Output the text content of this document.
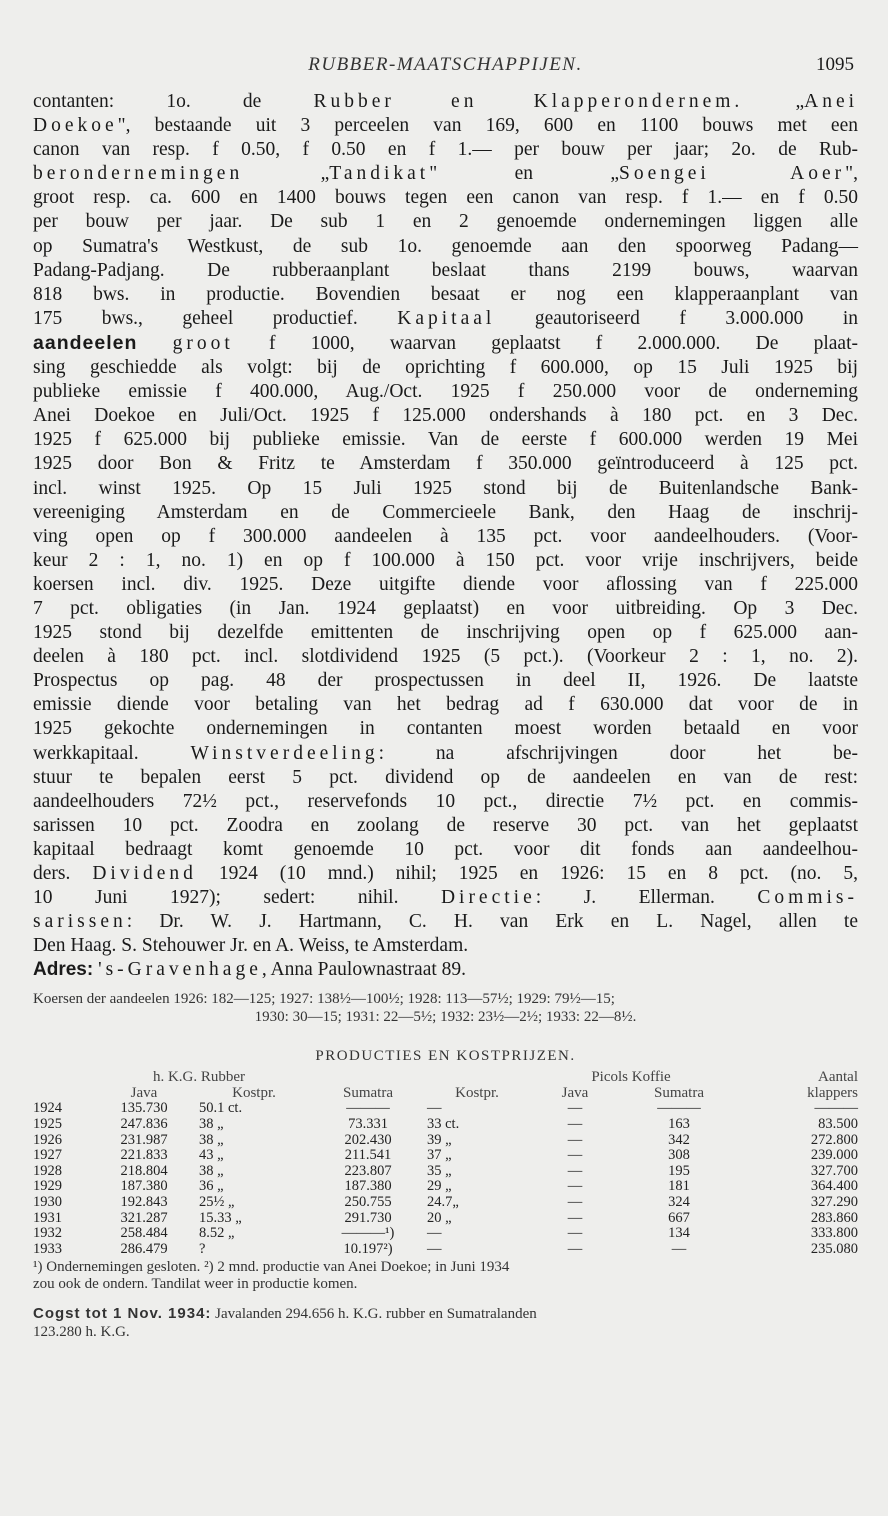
RUBBER-MAATSCHAPPIJEN.	1095
contanten: 1o. de Rubber en Klapperondernem. „Anei
Doekoe", bestaande uit 3 perceelen van 169, 600 en 1100 bouws met een
canon van resp. f 0.50, f 0.50 en f 1.— per bouw per jaar; 2o. de Rub-
berondernemingen „Tandikat" en „Soengei Aoer",
groot resp. ca. 600 en 1400 bouws tegen een canon van resp. f 1.— en f 0.50
per bouw per jaar. De sub 1 en 2 genoemde ondernemingen liggen alle
op Sumatra's Westkust, de sub 1o. genoemde aan den spoorweg Padang—
Padang-Padjang. De rubberaanplant beslaat thans 2199 bouws, waarvan
818 bws. in productie. Bovendien besaat er nog een klapperaanplant van
175 bws., geheel productief. Kapitaal geautoriseerd f 3.000.000 in
aandeelen groot f 1000, waarvan geplaatst f 2.000.000. De plaat-
sing geschiedde als volgt: bij de oprichting f 600.000, op 15 Juli 1925 bij
publieke emissie f 400.000, Aug./Oct. 1925 f 250.000 voor de onderneming
Anei Doekoe en Juli/Oct. 1925 f 125.000 ondershands à 180 pct. en 3 Dec.
1925 f 625.000 bij publieke emissie. Van de eerste f 600.000 werden 19 Mei
1925 door Bon & Fritz te Amsterdam f 350.000 geïntroduceerd à 125 pct.
incl. winst 1925. Op 15 Juli 1925 stond bij de Buitenlandsche Bank-
vereeniging Amsterdam en de Commercieele Bank, den Haag de inschrij-
ving open op f 300.000 aandeelen à 135 pct. voor aandeelhouders. (Voor-
keur 2 : 1, no. 1) en op f 100.000 à 150 pct. voor vrije inschrijvers, beide
koersen incl. div. 1925. Deze uitgifte diende voor aflossing van f 225.000
7 pct. obligaties (in Jan. 1924 geplaatst) en voor uitbreiding. Op 3 Dec.
1925 stond bij dezelfde emittenten de inschrijving open op f 625.000 aan-
deelen à 180 pct. incl. slotdividend 1925 (5 pct.). (Voorkeur 2 : 1, no. 2).
Prospectus op pag. 48 der prospectussen in deel II, 1926. De laatste
emissie diende voor betaling van het bedrag ad f 630.000 dat voor de in
1925 gekochte ondernemingen in contanten moest worden betaald en voor
werkkapitaal. Winstverdeeling: na afschrijvingen door het be-
stuur te bepalen eerst 5 pct. dividend op de aandeelen en van de rest:
aandeelhouders 72½ pct., reservefonds 10 pct., directie 7½ pct. en commis-
sarissen 10 pct. Zoodra en zoolang de reserve 30 pct. van het geplaatst
kapitaal bedraagt komt genoemde 10 pct. voor dit fonds aan aandeelhou-
ders. Dividend 1924 (10 mnd.) nihil; 1925 en 1926: 15 en 8 pct. (no. 5,
10 Juni 1927); sedert: nihil. Directie: J. Ellerman. Commis-
sarissen: Dr. W. J. Hartmann, C. H. van Erk en L. Nagel, allen te
Den Haag. S. Stehouwer Jr. en A. Weiss, te Amsterdam.
Adres: 's-Gravenhage, Anna Paulownastraat 89.
Koersen der aandeelen 1926: 182—125; 1927: 138½—100½; 1928: 113—57½; 1929: 79½—15;
1930: 30—15; 1931: 22—5½; 1932: 23½—2½; 1933: 22—8½.
PRODUCTIES EN KOSTPRIJZEN.
	h. K.G. Rubber				Picols Koffie		Aantal
	Java	Kostpr.	Sumatra	Kostpr.	Java	Sumatra	klappers
1924	135.730	50.1 ct.	———	—	—	———	———
1925	247.836	38 „	73.331	33 ct.	—	163	83.500
1926	231.987	38 „	202.430	39 „	—	342	272.800
1927	221.833	43 „	211.541	37 „	—	308	239.000
1928	218.804	38 „	223.807	35 „	—	195	327.700
1929	187.380	36 „	187.380	29 „	—	181	364.400
1930	192.843	25½ „	250.755	24.7„	—	324	327.290
1931	321.287	15.33 „	291.730	20 „	—	667	283.860
1932	258.484	8.52 „	———¹)	—	—	134	333.800
1933	286.479	?	10.197²)	—	—	—	235.080
¹) Ondernemingen gesloten. ²) 2 mnd. productie van Anei Doekoe; in Juni 1934
zou ook de ondern. Tandilat weer in productie komen.
Cogst tot 1 Nov. 1934: Javalanden 294.656 h. K.G. rubber en Sumatralanden
123.280 h. K.G.
